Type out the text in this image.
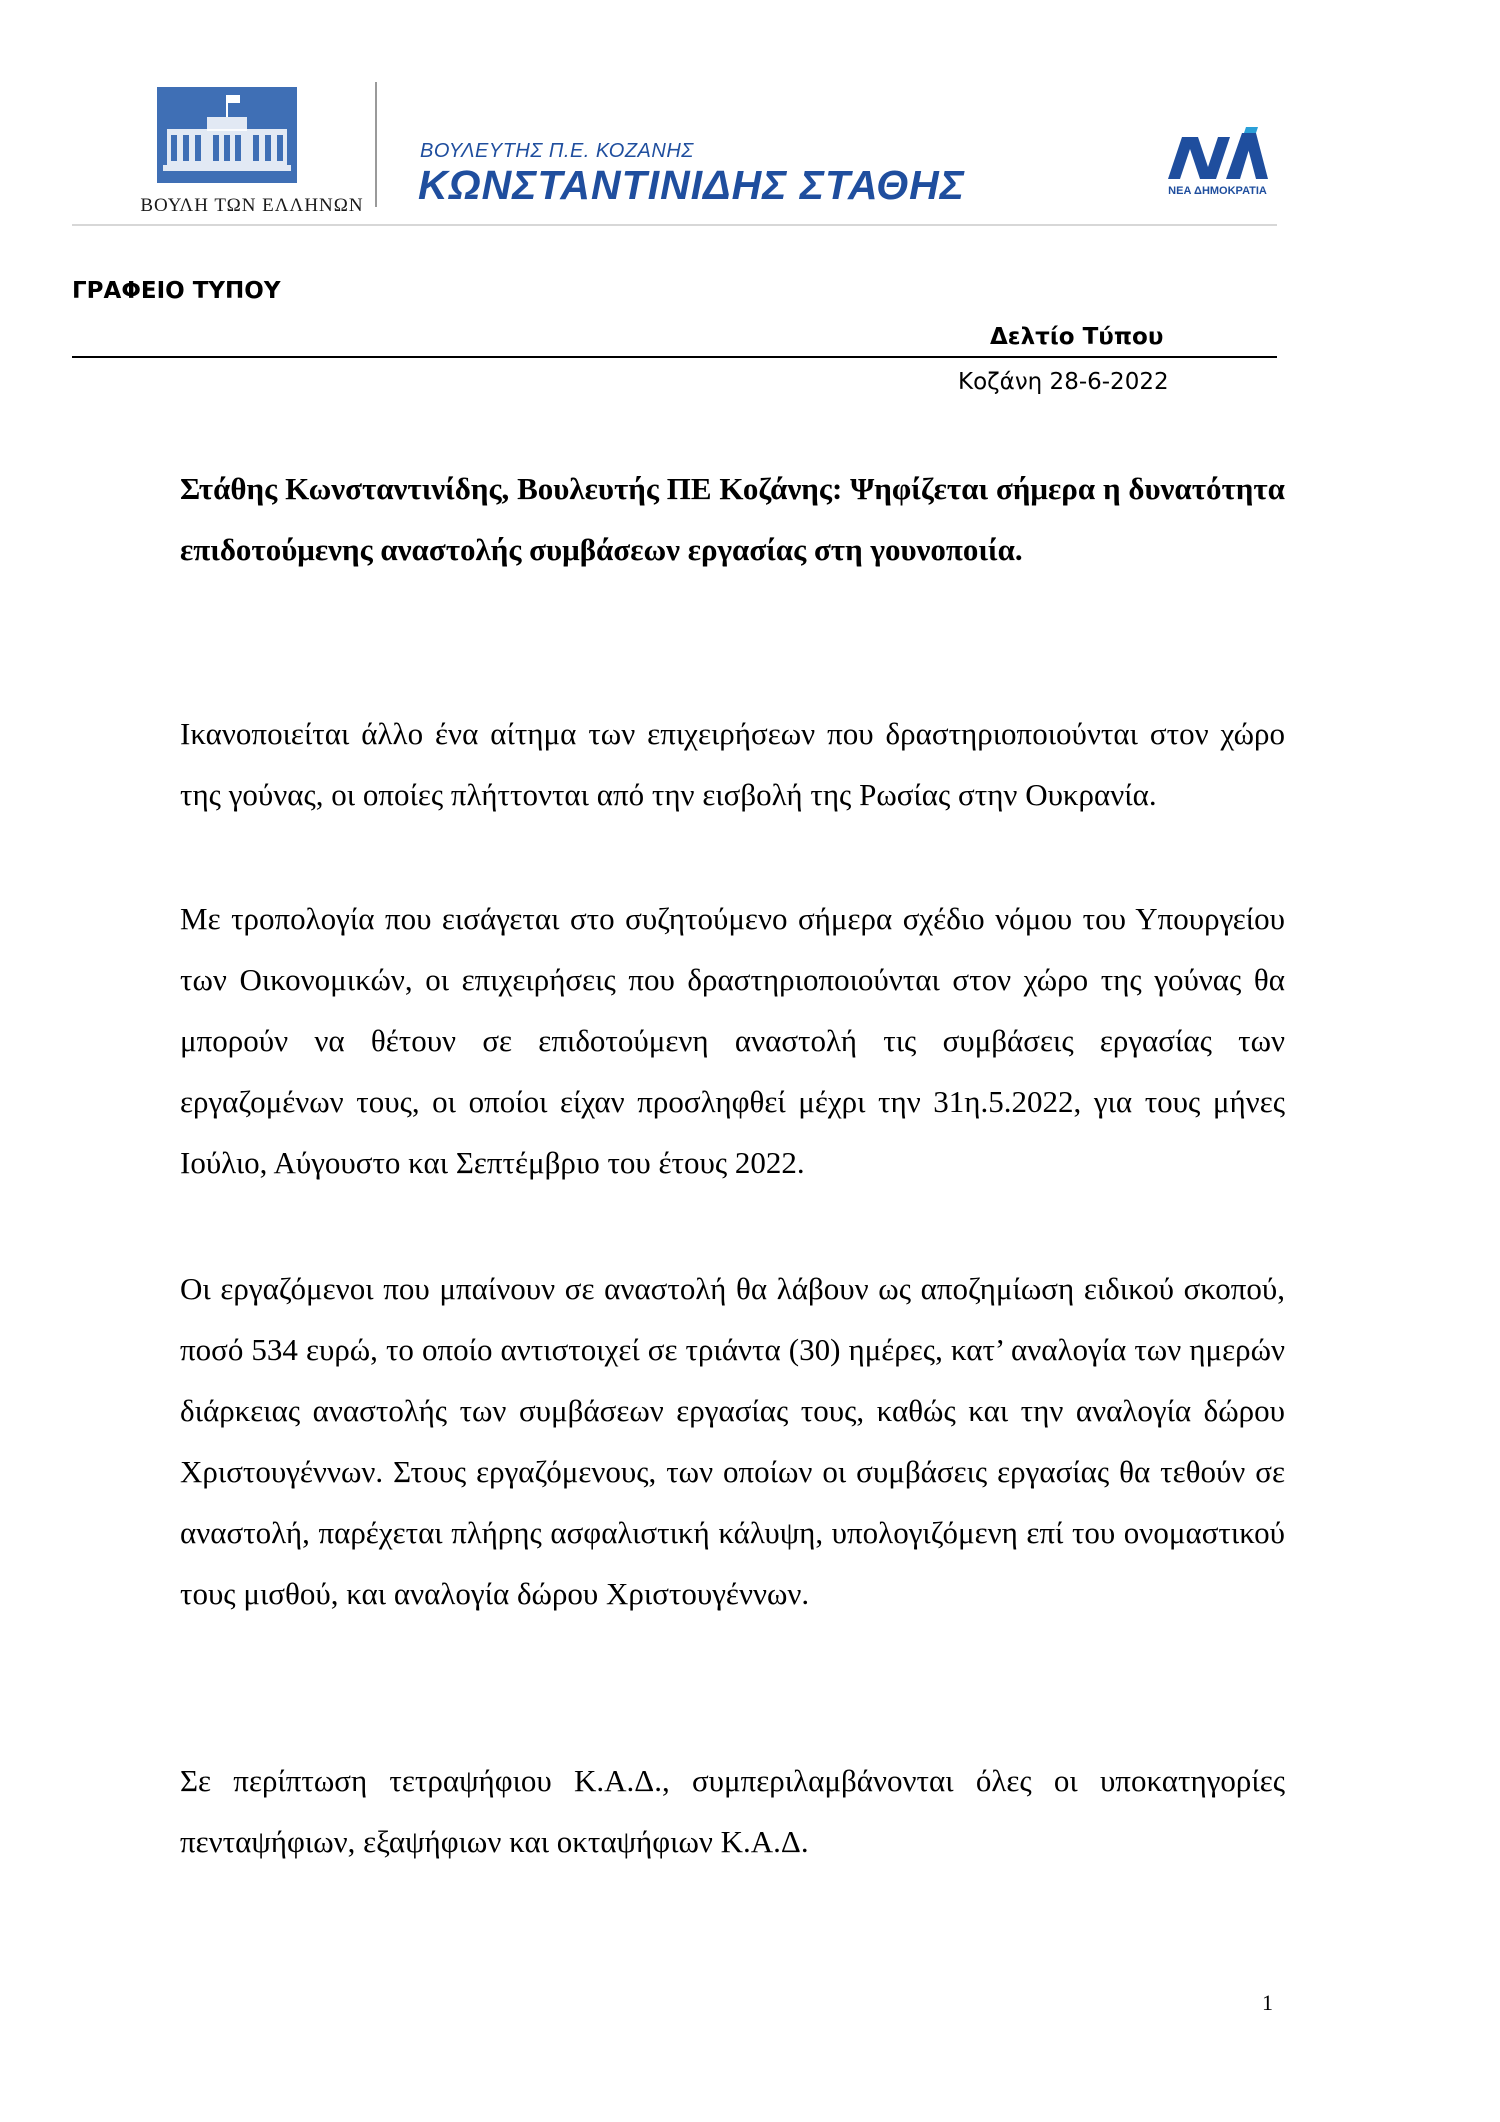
ΒΟΥΛΗ ΤΩΝ ΕΛΛΗΝΩΝ
ΒΟΥΛΕΥΤΗΣ Π.Ε. ΚΟΖΑΝΗΣ
ΚΩΝΣΤΑΝΤΙΝΙΔΗΣ ΣΤΑΘΗΣ	ΝΕΑ ΔΗΜΟΚΡΑΤΙΑ
ΓΡΑΦΕΙΟ ΤΥΠΟΥ
Δελτίο Τύπου
Κοζάνη 28-6-2022

Στάθης Κωνσταντινίδης, Βουλευτής ΠΕ Κοζάνης: Ψηφίζεται σήμερα η δυνατότητα επιδοτούμενης αναστολής συμβάσεων εργασίας στη γουνοποιία.

Ικανοποιείται άλλο ένα αίτημα των επιχειρήσεων που δραστηριοποιούνται στον χώρο της γούνας, οι οποίες πλήττονται από την εισβολή της Ρωσίας στην Ουκρανία.

Με τροπολογία που εισάγεται στο συζητούμενο σήμερα σχέδιο νόμου του Υπουργείου των Οικονομικών, οι επιχειρήσεις που δραστηριοποιούνται στον χώρο της γούνας θα μπορούν να θέτουν σε επιδοτούμενη αναστολή τις συμβάσεις εργασίας των εργαζομένων τους, οι οποίοι είχαν προσληφθεί μέχρι την 31η.5.2022, για τους μήνες Ιούλιο, Αύγουστο και Σεπτέμβριο του έτους 2022.

Οι εργαζόμενοι που μπαίνουν σε αναστολή θα λάβουν ως αποζημίωση ειδικού σκοπού, ποσό 534 ευρώ, το οποίο αντιστοιχεί σε τριάντα (30) ημέρες, κατ’ αναλογία των ημερών διάρκειας αναστολής των συμβάσεων εργασίας τους, καθώς και την αναλογία δώρου Χριστουγέννων. Στους εργαζόμενους, των οποίων οι συμβάσεις εργασίας θα τεθούν σε αναστολή, παρέχεται πλήρης ασφαλιστική κάλυψη, υπολογιζόμενη επί του ονομαστικού τους μισθού, και αναλογία δώρου Χριστουγέννων.

Σε περίπτωση τετραψήφιου Κ.Α.Δ., συμπεριλαμβάνονται όλες οι υποκατηγορίες πενταψήφιων, εξαψήφιων και οκταψήφιων Κ.Α.Δ.

1
